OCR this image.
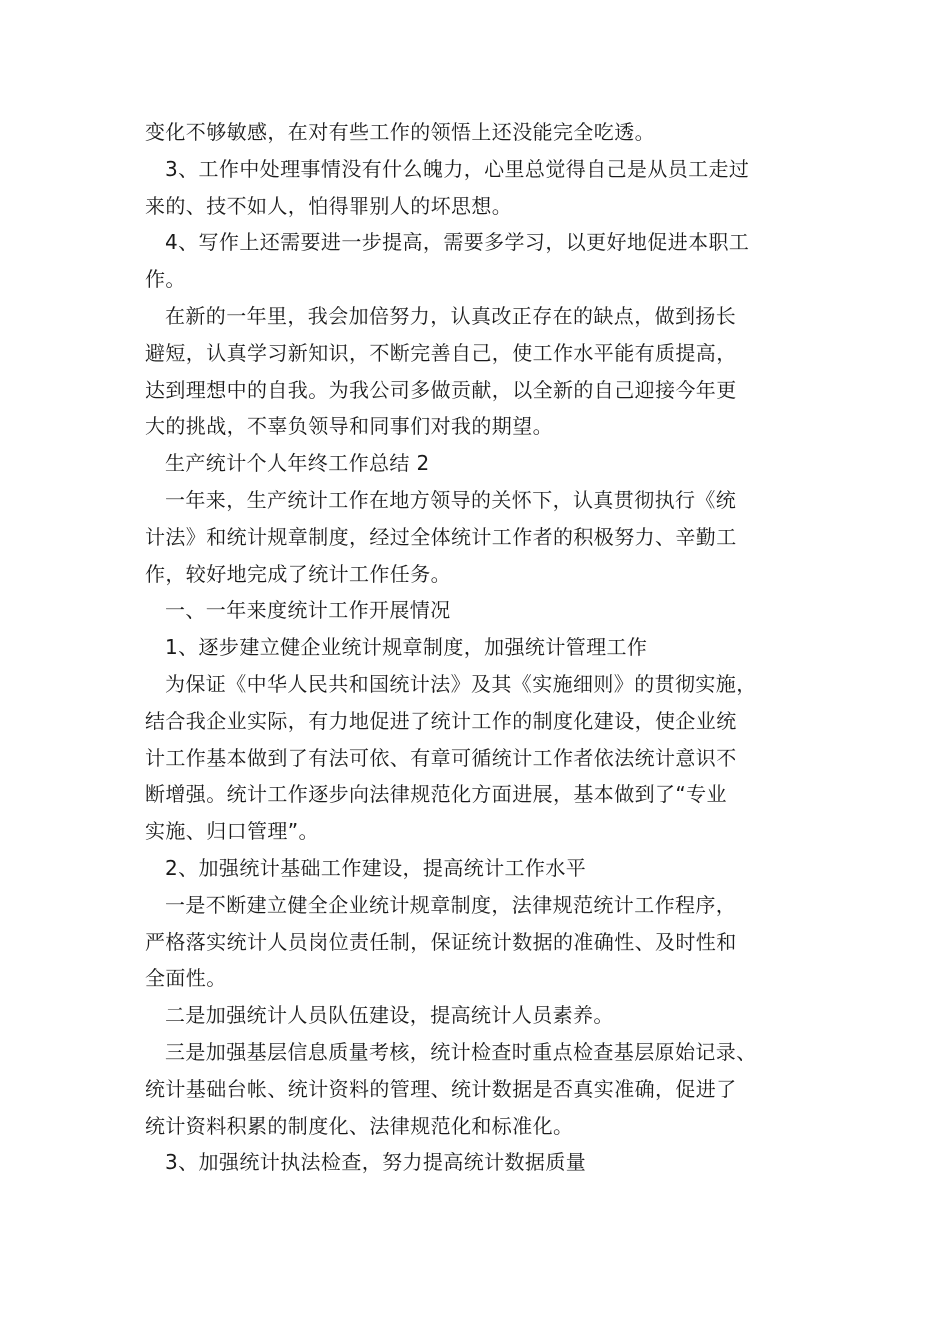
变化不够敏感，在对有些工作的领悟上还没能完全吃透。
3、工作中处理事情没有什么魄力，心里总觉得自己是从员工走过
来的、技不如人，怕得罪别人的坏思想。
4、写作上还需要进一步提高，需要多学习，以更好地促进本职工
作。
在新的一年里，我会加倍努力，认真改正存在的缺点，做到扬长
避短，认真学习新知识，不断完善自己，使工作水平能有质提高，
达到理想中的自我。为我公司多做贡献，以全新的自己迎接今年更
大的挑战，不辜负领导和同事们对我的期望。
生产统计个人年终工作总结 2
一年来，生产统计工作在地方领导的关怀下，认真贯彻执行《统
计法》和统计规章制度，经过全体统计工作者的积极努力、辛勤工
作，较好地完成了统计工作任务。
一、一年来度统计工作开展情况
1、逐步建立健企业统计规章制度，加强统计管理工作
为保证《中华人民共和国统计法》及其《实施细则》的贯彻实施，
结合我企业实际，有力地促进了统计工作的制度化建设，使企业统
计工作基本做到了有法可依、有章可循统计工作者依法统计意识不
断增强。统计工作逐步向法律规范化方面进展，基本做到了“专业
实施、归口管理”。
2、加强统计基础工作建设，提高统计工作水平
一是不断建立健全企业统计规章制度，法律规范统计工作程序，
严格落实统计人员岗位责任制，保证统计数据的准确性、及时性和
全面性。
二是加强统计人员队伍建设，提高统计人员素养。
三是加强基层信息质量考核，统计检查时重点检查基层原始记录、
统计基础台帐、统计资料的管理、统计数据是否真实准确，促进了
统计资料积累的制度化、法律规范化和标准化。
3、加强统计执法检查，努力提高统计数据质量
